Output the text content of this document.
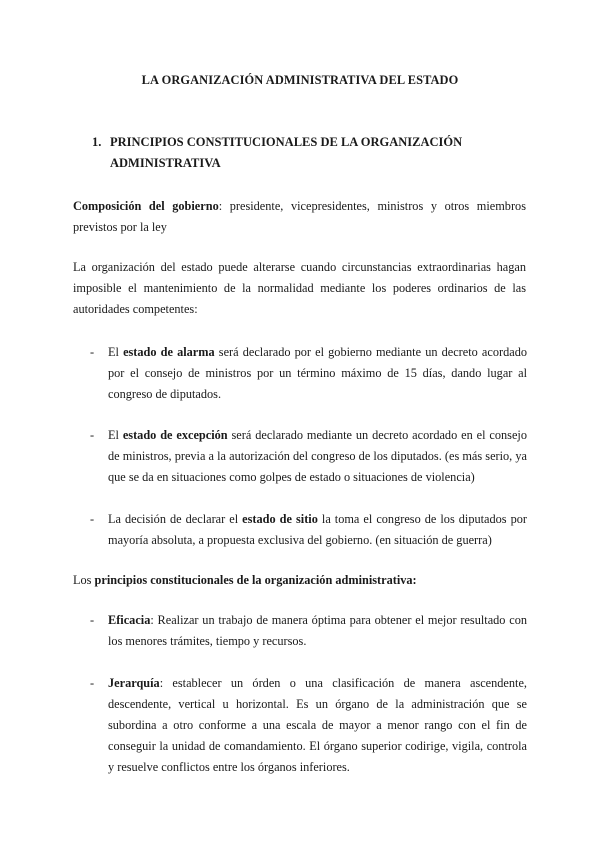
LA ORGANIZACIÓN ADMINISTRATIVA DEL ESTADO
1. PRINCIPIOS CONSTITUCIONALES DE LA ORGANIZACIÓN ADMINISTRATIVA
Composición del gobierno: presidente, vicepresidentes, ministros y otros miembros previstos por la ley
La organización del estado puede alterarse cuando circunstancias extraordinarias hagan imposible el mantenimiento de la normalidad mediante los poderes ordinarios de las autoridades competentes:
- El estado de alarma será declarado por el gobierno mediante un decreto acordado por el consejo de ministros por un término máximo de 15 días, dando lugar al congreso de diputados.
- El estado de excepción será declarado mediante un decreto acordado en el consejo de ministros, previa a la autorización del congreso de los diputados. (es más serio, ya que se da en situaciones como golpes de estado o situaciones de violencia)
- La decisión de declarar el estado de sitio la toma el congreso de los diputados por mayoría absoluta, a propuesta exclusiva del gobierno. (en situación de guerra)
Los principios constitucionales de la organización administrativa:
- Eficacia: Realizar un trabajo de manera óptima para obtener el mejor resultado con los menores trámites, tiempo y recursos.
- Jerarquía: establecer un órden o una clasificación de manera ascendente, descendente, vertical u horizontal. Es un órgano de la administración que se subordina a otro conforme a una escala de mayor a menor rango con el fin de conseguir la unidad de comandamiento. El órgano superior codirige, vigila, controla y resuelve conflictos entre los órganos inferiores.
